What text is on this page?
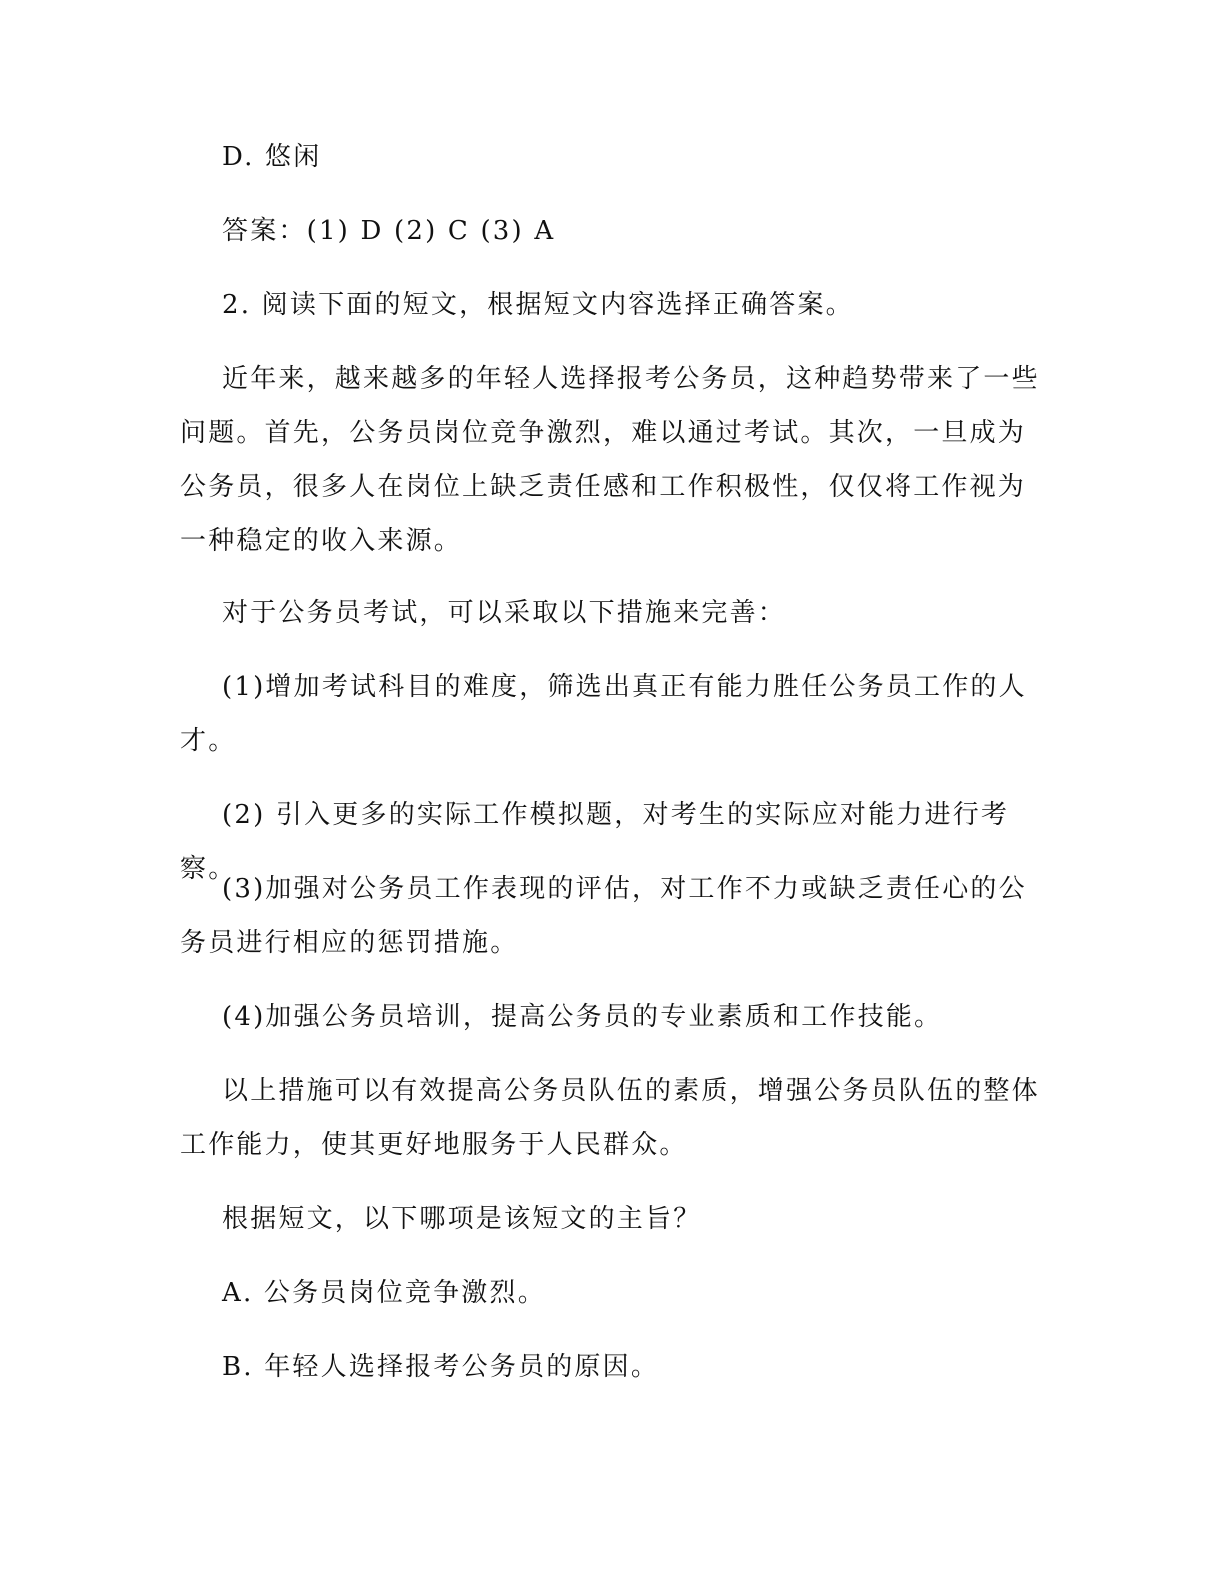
D. 悠闲

答案：(1) D (2) C (3) A

2. 阅读下面的短文，根据短文内容选择正确答案。

近年来，越来越多的年轻人选择报考公务员，这种趋势带来了一些
问题。首先，公务员岗位竞争激烈，难以通过考试。其次，一旦成为
公务员，很多人在岗位上缺乏责任感和工作积极性，仅仅将工作视为
一种稳定的收入来源。

对于公务员考试，可以采取以下措施来完善：

(1)增加考试科目的难度，筛选出真正有能力胜任公务员工作的人
才。

(2) 引入更多的实际工作模拟题，对考生的实际应对能力进行考察。

(3)加强对公务员工作表现的评估，对工作不力或缺乏责任心的公
务员进行相应的惩罚措施。

(4)加强公务员培训，提高公务员的专业素质和工作技能。

以上措施可以有效提高公务员队伍的素质，增强公务员队伍的整体
工作能力，使其更好地服务于人民群众。

根据短文，以下哪项是该短文的主旨？

A. 公务员岗位竞争激烈。

B. 年轻人选择报考公务员的原因。
